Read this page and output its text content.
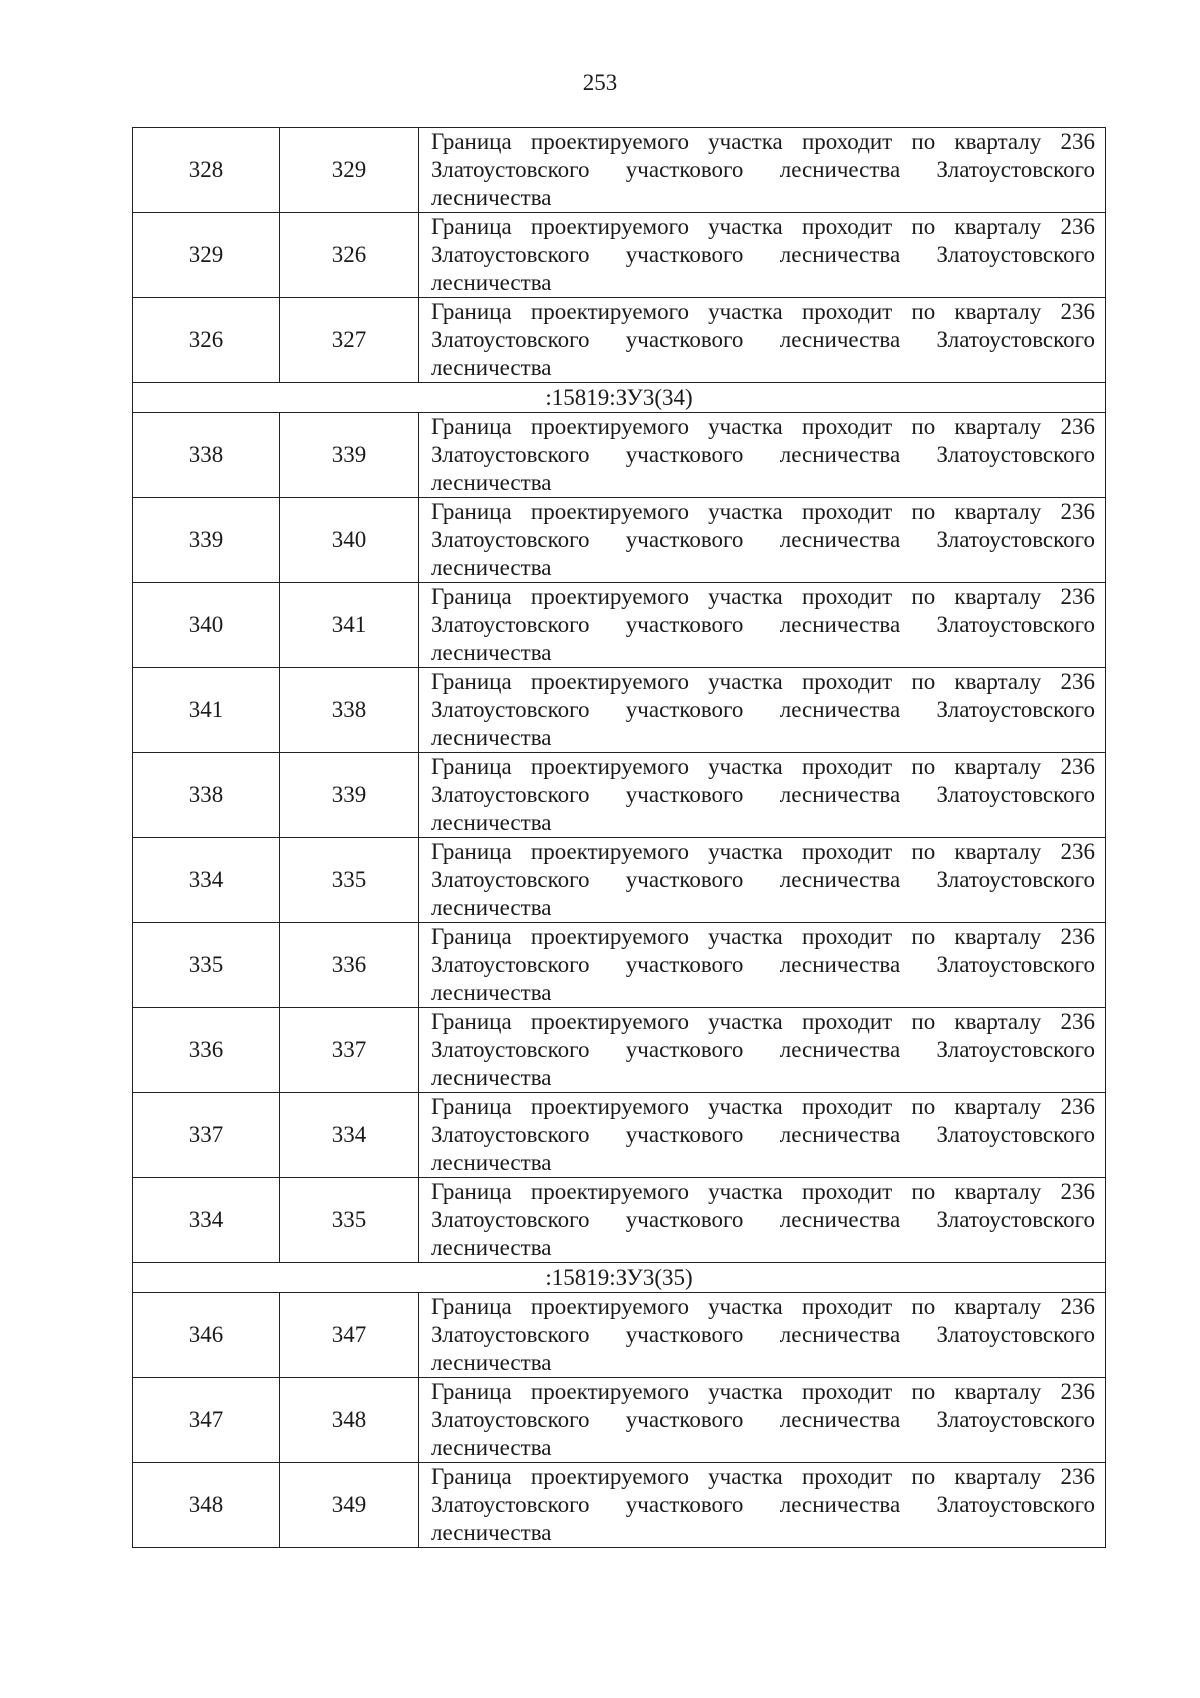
253
328	329	Граница проектируемого участка проходит по кварталу 236 Златоустовского участкового лесничества Златоустовского лесничества
329	326	Граница проектируемого участка проходит по кварталу 236 Златоустовского участкового лесничества Златоустовского лесничества
326	327	Граница проектируемого участка проходит по кварталу 236 Златоустовского участкового лесничества Златоустовского лесничества
:15819:ЗУ3(34)		
338	339	Граница проектируемого участка проходит по кварталу 236 Златоустовского участкового лесничества Златоустовского лесничества
339	340	Граница проектируемого участка проходит по кварталу 236 Златоустовского участкового лесничества Златоустовского лесничества
340	341	Граница проектируемого участка проходит по кварталу 236 Златоустовского участкового лесничества Златоустовского лесничества
341	338	Граница проектируемого участка проходит по кварталу 236 Златоустовского участкового лесничества Златоустовского лесничества
338	339	Граница проектируемого участка проходит по кварталу 236 Златоустовского участкового лесничества Златоустовского лесничества
334	335	Граница проектируемого участка проходит по кварталу 236 Златоустовского участкового лесничества Златоустовского лесничества
335	336	Граница проектируемого участка проходит по кварталу 236 Златоустовского участкового лесничества Златоустовского лесничества
336	337	Граница проектируемого участка проходит по кварталу 236 Златоустовского участкового лесничества Златоустовского лесничества
337	334	Граница проектируемого участка проходит по кварталу 236 Златоустовского участкового лесничества Златоустовского лесничества
334	335	Граница проектируемого участка проходит по кварталу 236 Златоустовского участкового лесничества Златоустовского лесничества
:15819:ЗУ3(35)		
346	347	Граница проектируемого участка проходит по кварталу 236 Златоустовского участкового лесничества Златоустовского лесничества
347	348	Граница проектируемого участка проходит по кварталу 236 Златоустовского участкового лесничества Златоустовского лесничества
348	349	Граница проектируемого участка проходит по кварталу 236 Златоустовского участкового лесничества Златоустовского лесничества
